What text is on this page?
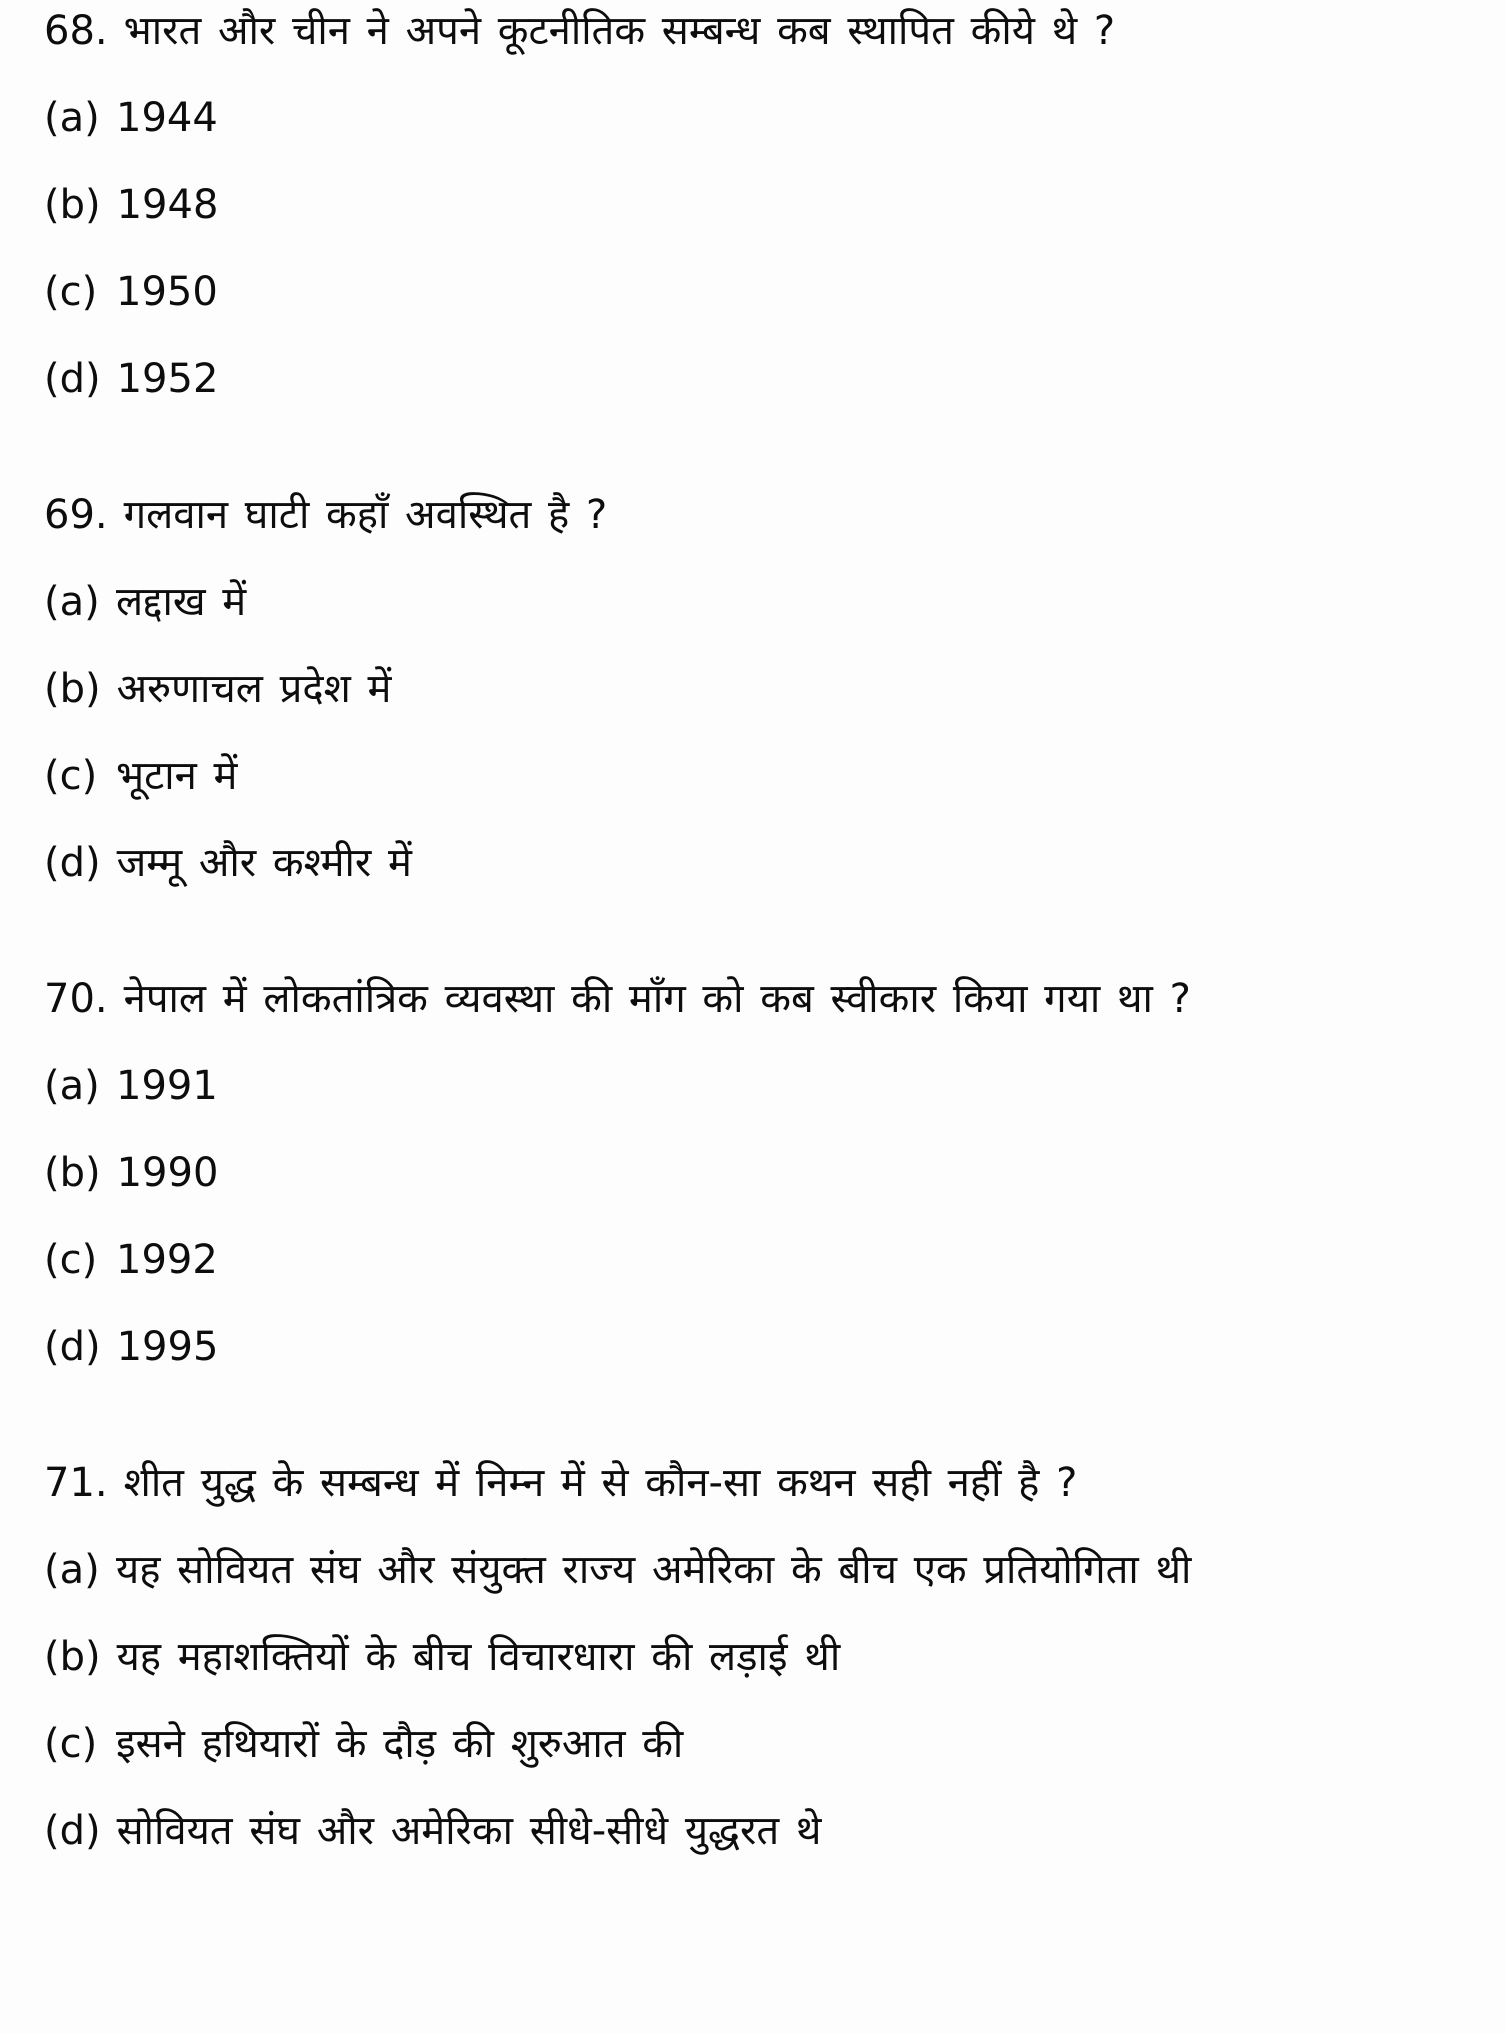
68. भारत और चीन ने अपने कूटनीतिक सम्बन्ध कब स्थापित कीये थे ?
(a) 1944
(b) 1948
(c) 1950
(d) 1952
69. गलवान घाटी कहाँ अवस्थित है ?
(a) लद्दाख में
(b) अरुणाचल प्रदेश में
(c) भूटान में
(d) जम्मू और कश्मीर में
70. नेपाल में लोकतांत्रिक व्यवस्था की माँग को कब स्वीकार किया गया था ?
(a) 1991
(b) 1990
(c) 1992
(d) 1995
71. शीत युद्ध के सम्बन्ध में निम्न में से कौन-सा कथन सही नहीं है ?
(a) यह सोवियत संघ और संयुक्त राज्य अमेरिका के बीच एक प्रतियोगिता थी
(b) यह महाशक्तियों के बीच विचारधारा की लड़ाई थी
(c) इसने हथियारों के दौड़ की शुरुआत की
(d) सोवियत संघ और अमेरिका सीधे-सीधे युद्धरत थे
